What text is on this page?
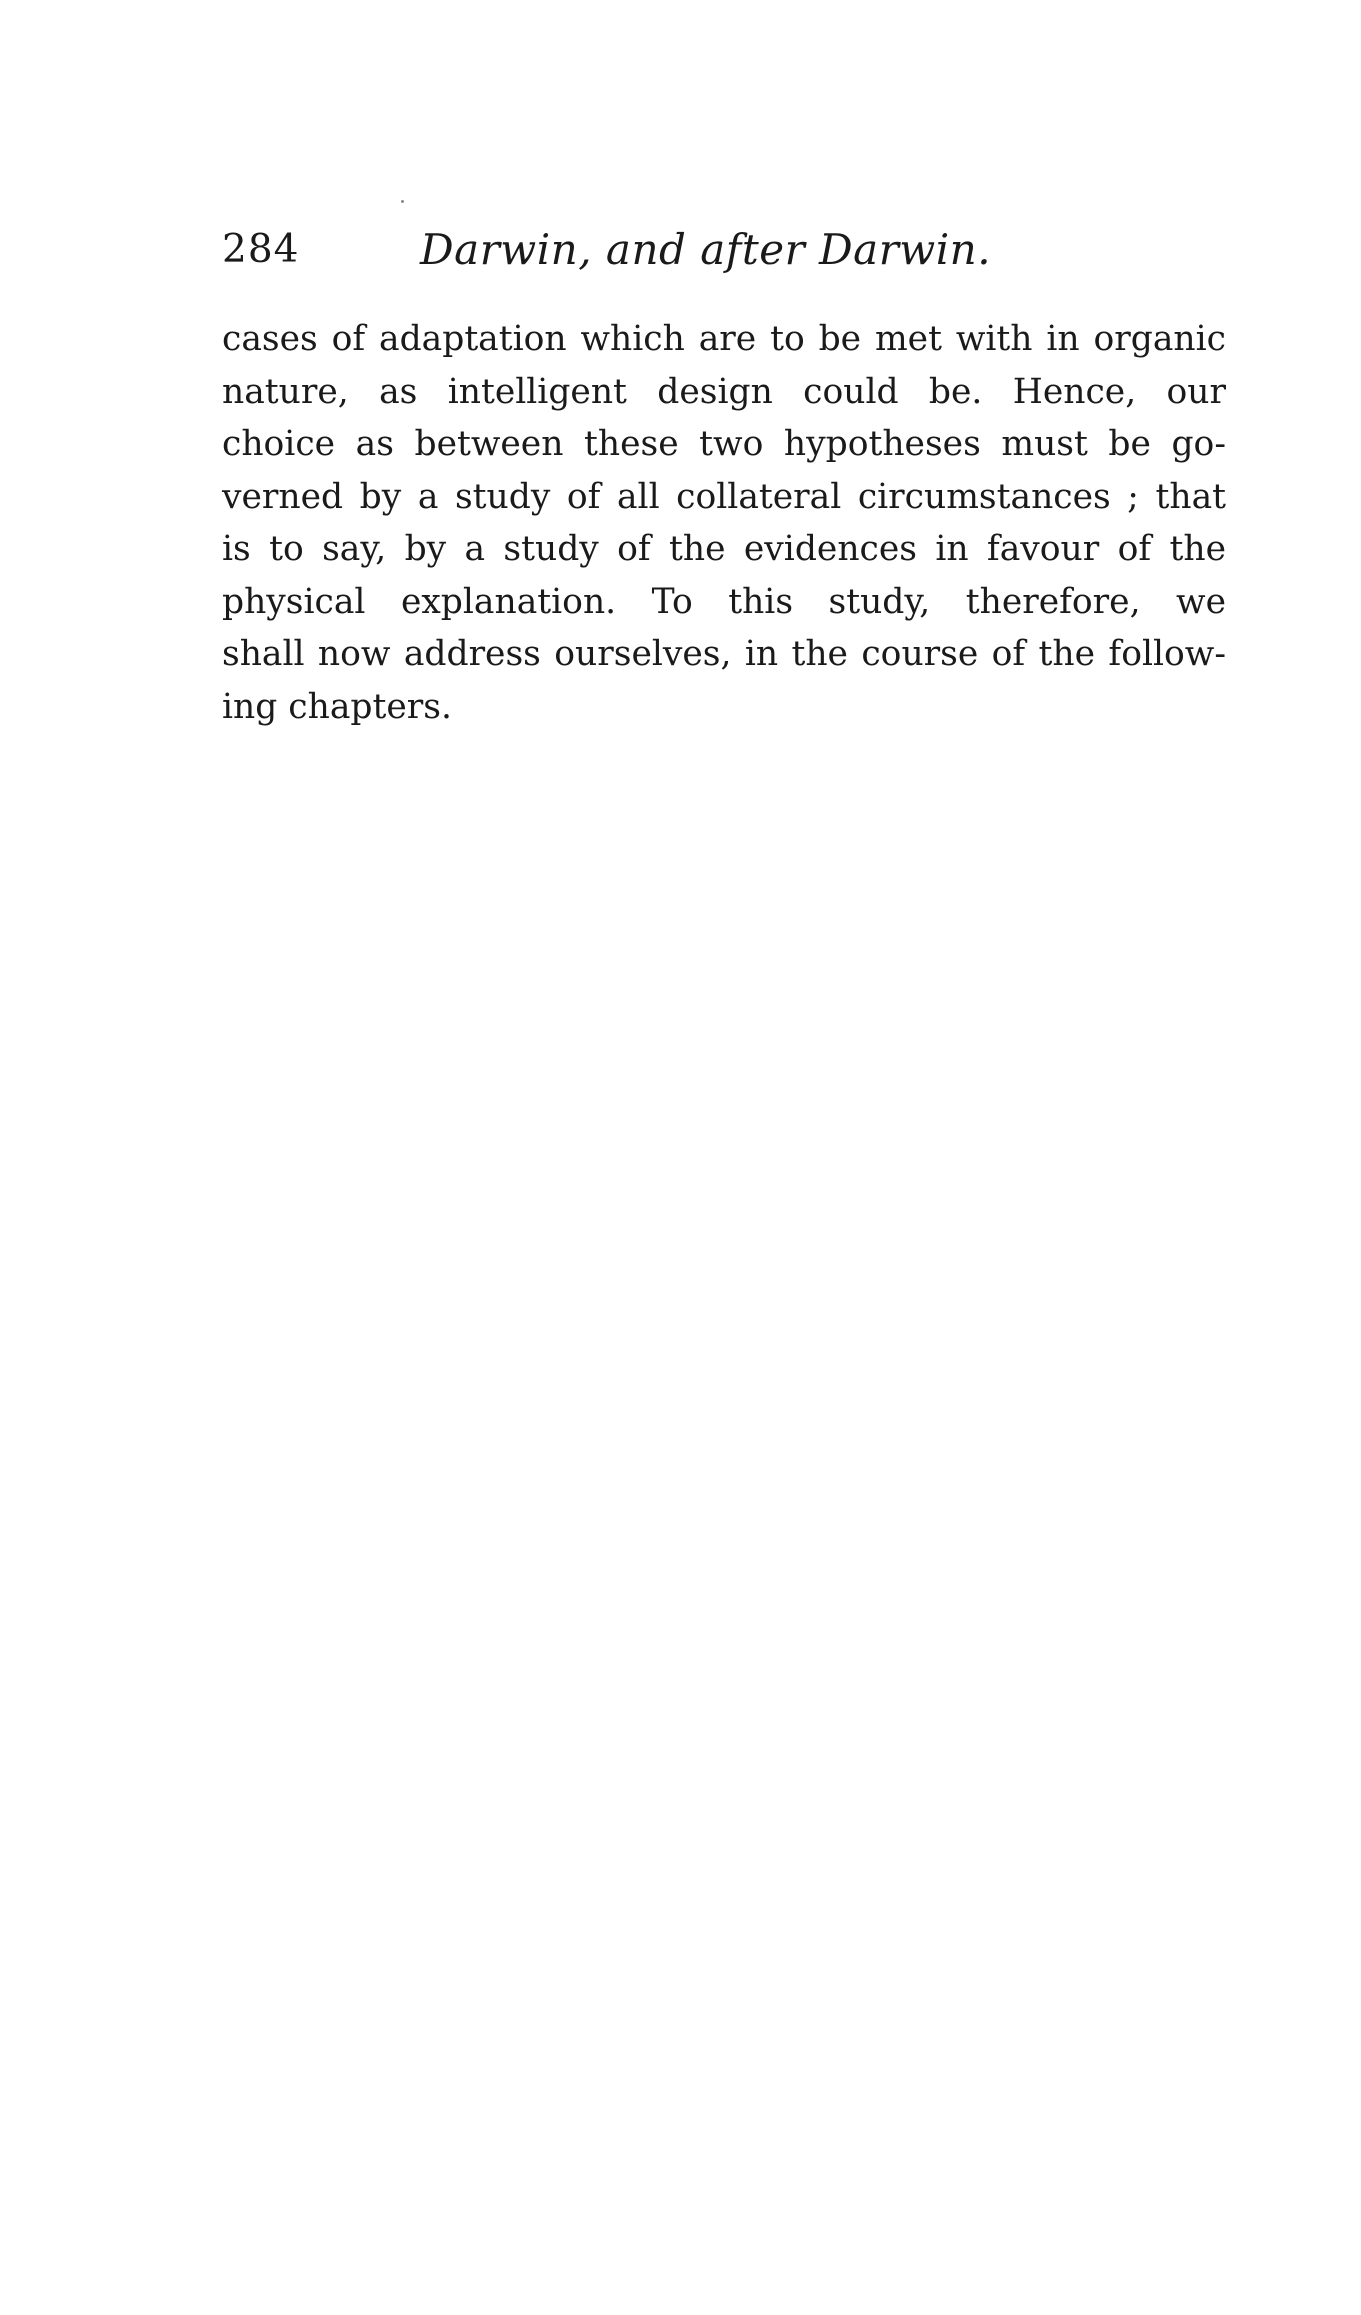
284	Darwin, and after Darwin.
cases of adaptation which are to be met with in organic
nature, as intelligent design could be. Hence, our
choice as between these two hypotheses must be go-
verned by a study of all collateral circumstances ; that
is to say, by a study of the evidences in favour of the
physical explanation. To this study, therefore, we
shall now address ourselves, in the course of the follow-
ing chapters.
